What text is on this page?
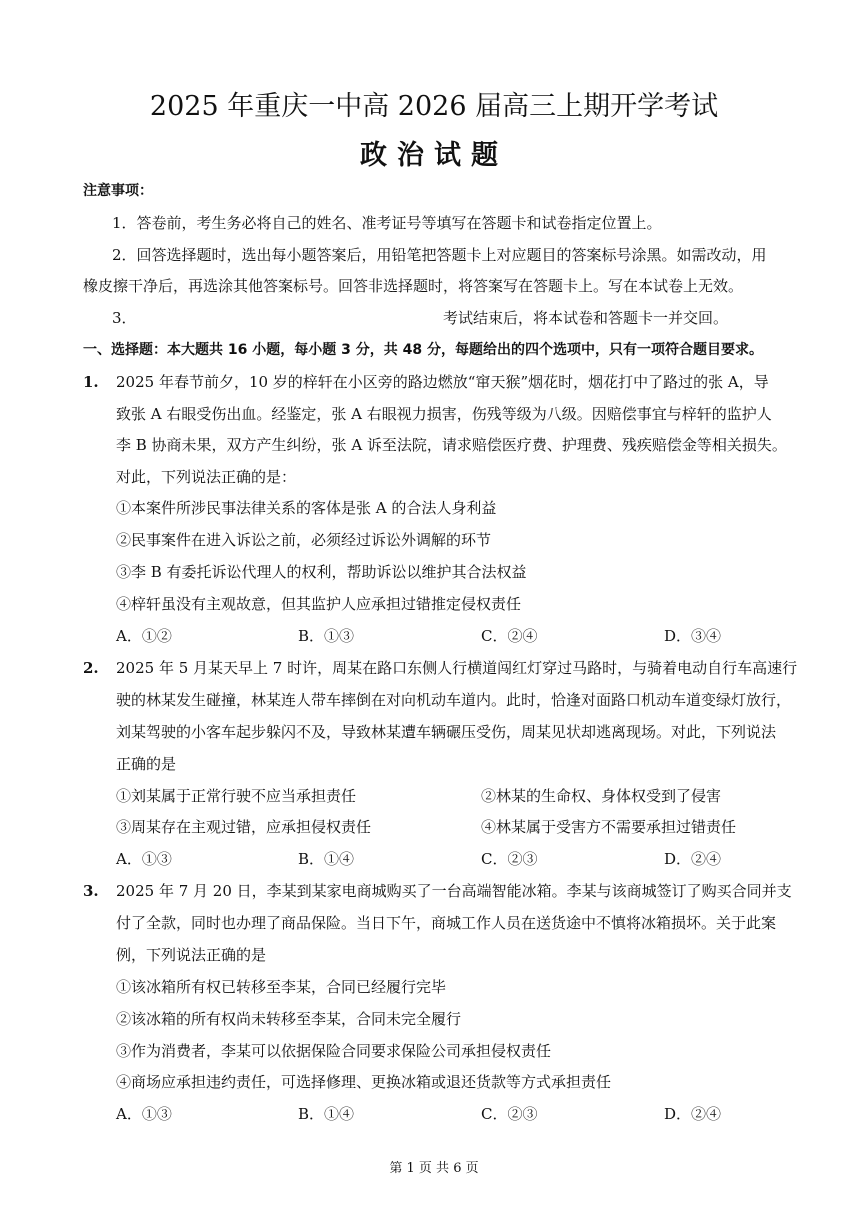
2025 年重庆一中高 2026 届高三上期开学考试
政治试题
注意事项：
1．答卷前，考生务必将自己的姓名、准考证号等填写在答题卡和试卷指定位置上。
2．回答选择题时，选出每小题答案后，用铅笔把答题卡上对应题目的答案标号涂黑。如需改动，用
橡皮擦干净后，再选涂其他答案标号。回答非选择题时，将答案写在答题卡上。写在本试卷上无效。
3．	考试结束后，将本试卷和答题卡一并交回。
一、选择题：本大题共 16 小题，每小题 3 分，共 48 分，每题给出的四个选项中，只有一项符合题目要求。
1. 2025 年春节前夕，10 岁的梓轩在小区旁的路边燃放“窜天猴”烟花时，烟花打中了路过的张 A，导
致张 A 右眼受伤出血。经鉴定，张 A 右眼视力损害，伤残等级为八级。因赔偿事宜与梓轩的监护人
李 B 协商未果，双方产生纠纷，张 A 诉至法院，请求赔偿医疗费、护理费、残疾赔偿金等相关损失。
对此，下列说法正确的是：
①本案件所涉民事法律关系的客体是张 A 的合法人身利益
②民事案件在进入诉讼之前，必须经过诉讼外调解的环节
③李 B 有委托诉讼代理人的权利，帮助诉讼以维护其合法权益
④梓轩虽没有主观故意，但其监护人应承担过错推定侵权责任
A．①②	B．①③	C．②④	D．③④
2. 2025 年 5 月某天早上 7 时许，周某在路口东侧人行横道闯红灯穿过马路时，与骑着电动自行车高速行
驶的林某发生碰撞，林某连人带车摔倒在对向机动车道内。此时，恰逢对面路口机动车道变绿灯放行，
刘某驾驶的小客车起步躲闪不及，导致林某遭车辆碾压受伤，周某见状却逃离现场。对此，下列说法
正确的是
①刘某属于正常行驶不应当承担责任	②林某的生命权、身体权受到了侵害
③周某存在主观过错，应承担侵权责任	④林某属于受害方不需要承担过错责任
A．①③	B．①④	C．②③	D．②④
3. 2025 年 7 月 20 日，李某到某家电商城购买了一台高端智能冰箱。李某与该商城签订了购买合同并支
付了全款，同时也办理了商品保险。当日下午，商城工作人员在送货途中不慎将冰箱损坏。关于此案
例，下列说法正确的是
①该冰箱所有权已转移至李某，合同已经履行完毕
②该冰箱的所有权尚未转移至李某，合同未完全履行
③作为消费者，李某可以依据保险合同要求保险公司承担侵权责任
④商场应承担违约责任，可选择修理、更换冰箱或退还货款等方式承担责任
A．①③	B．①④	C．②③	D．②④
第 1 页 共 6 页
